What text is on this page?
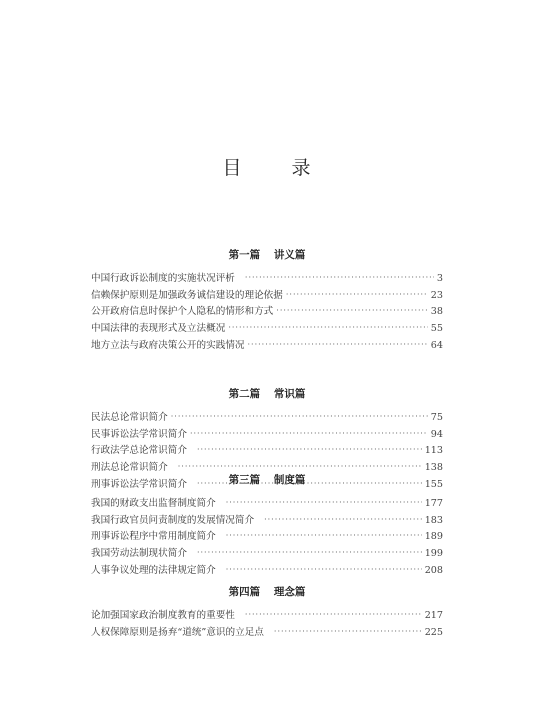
目 录
第一篇 讲义篇
中国行政诉讼制度的实施状况评析 ·····	3
信赖保护原则是加强政务诚信建设的理论依据 ·····	23
公开政府信息时保护个人隐私的情形和方式 ·····	38
中国法律的表现形式及立法概况 ·····	55
地方立法与政府决策公开的实践情况 ·····	64
第二篇 常识篇
民法总论常识简介 ·····	75
民事诉讼法学常识简介 ·····	94
行政法学总论常识简介 ·····	113
刑法总论常识简介 ·····	138
刑事诉讼法学常识简介 ·····	155
第三篇 制度篇
我国的财政支出监督制度简介 ·····	177
我国行政官员问责制度的发展情况简介 ·····	183
刑事诉讼程序中常用制度简介 ·····	189
我国劳动法制现状简介 ·····	199
人事争议处理的法律规定简介 ·····	208
第四篇 理念篇
论加强国家政治制度教育的重要性 ·····	217
人权保障原则是扬弃“道统”意识的立足点 ·····	225
